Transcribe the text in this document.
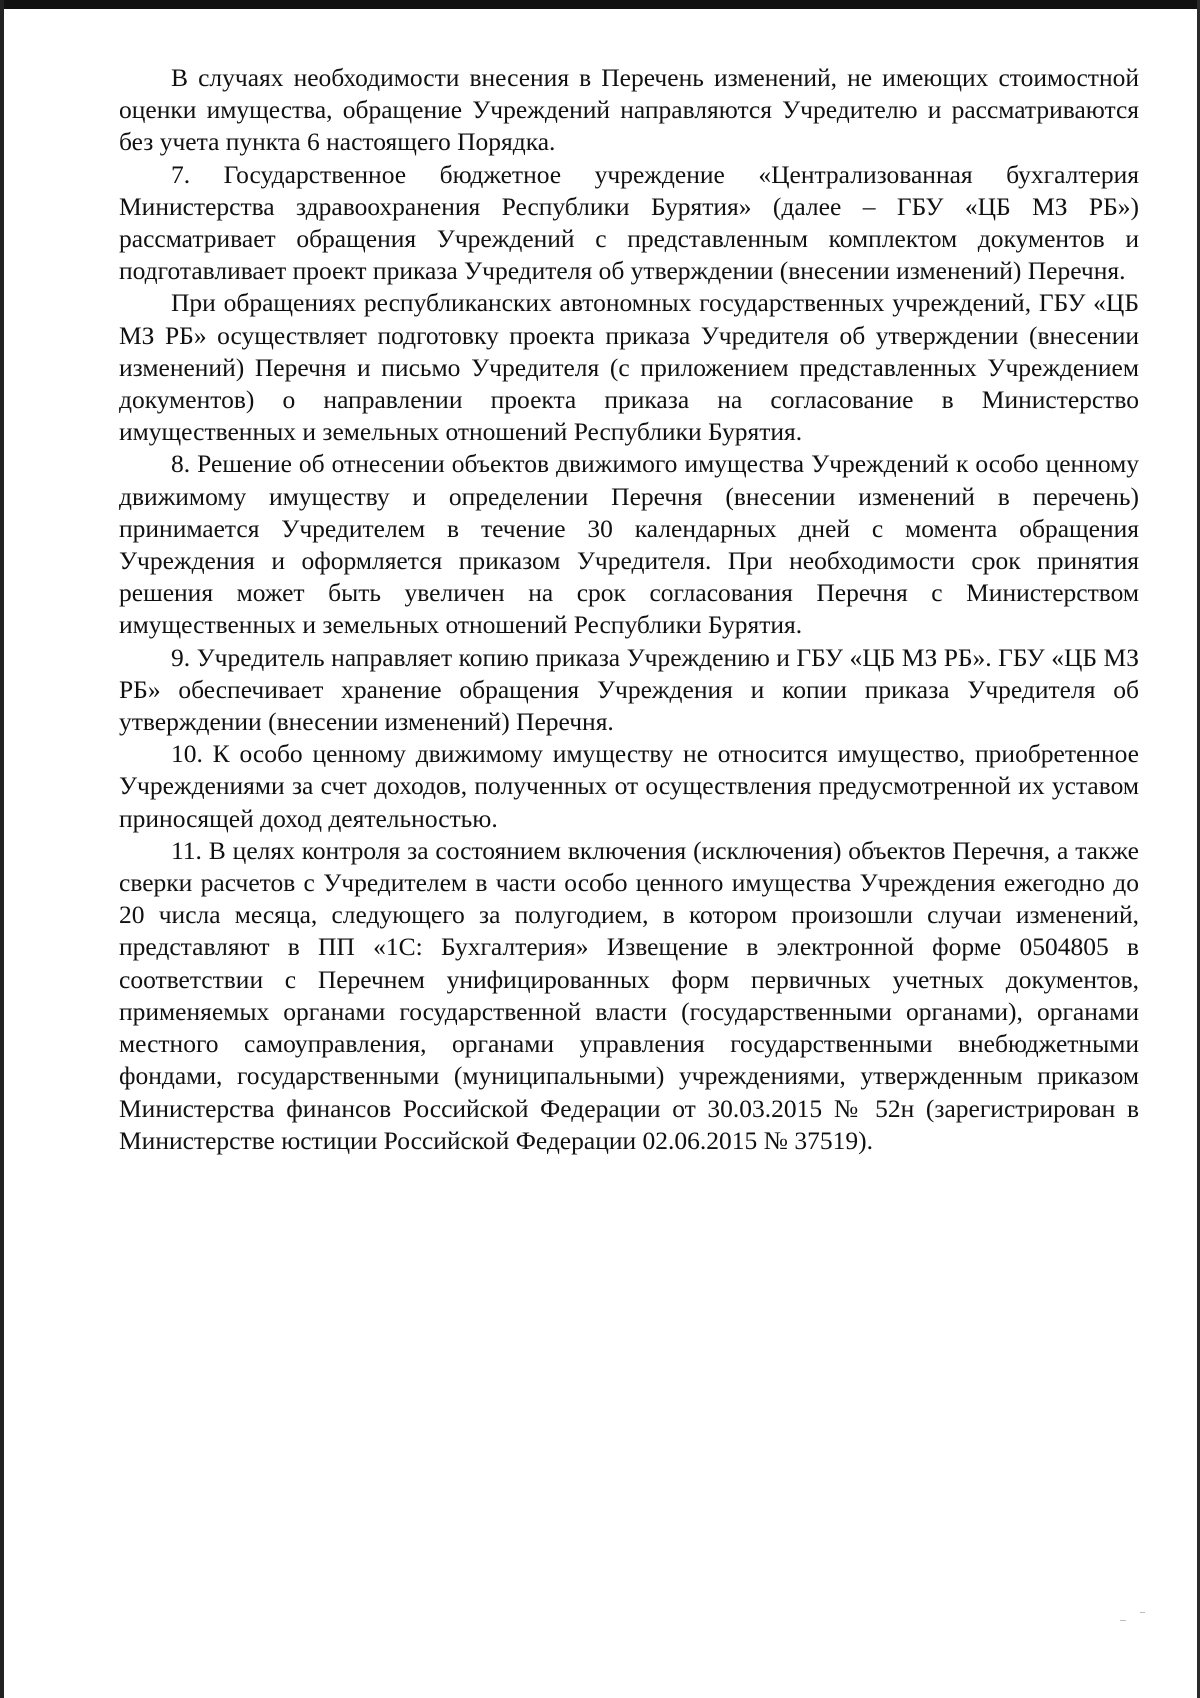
В случаях необходимости внесения в Перечень изменений, не имеющих стоимостной оценки имущества, обращение Учреждений направляются Учредителю и рассматриваются без учета пункта 6 настоящего Порядка.

7. Государственное бюджетное учреждение «Централизованная бухгалтерия Министерства здравоохранения Республики Бурятия» (далее – ГБУ «ЦБ МЗ РБ») рассматривает обращения Учреждений с представленным комплектом документов и подготавливает проект приказа Учредителя об утверждении (внесении изменений) Перечня.

При обращениях республиканских автономных государственных учреждений, ГБУ «ЦБ МЗ РБ» осуществляет подготовку проекта приказа Учредителя об утверждении (внесении изменений) Перечня и письмо Учредителя (с приложением представленных Учреждением документов) о направлении проекта приказа на согласование в Министерство имущественных и земельных отношений Республики Бурятия.

8. Решение об отнесении объектов движимого имущества Учреждений к особо ценному движимому имуществу и определении Перечня (внесении изменений в перечень) принимается Учредителем в течение 30 календарных дней с момента обращения Учреждения и оформляется приказом Учредителя. При необходимости срок принятия решения может быть увеличен на срок согласования Перечня с Министерством имущественных и земельных отношений Республики Бурятия.

9. Учредитель направляет копию приказа Учреждению и ГБУ «ЦБ МЗ РБ». ГБУ «ЦБ МЗ РБ» обеспечивает хранение обращения Учреждения и копии приказа Учредителя об утверждении (внесении изменений) Перечня.

10. К особо ценному движимому имуществу не относится имущество, приобретенное Учреждениями за счет доходов, полученных от осуществления предусмотренной их уставом приносящей доход деятельностью.

11. В целях контроля за состоянием включения (исключения) объектов Перечня, а также сверки расчетов с Учредителем в части особо ценного имущества Учреждения ежегодно до 20 числа месяца, следующего за полугодием, в котором произошли случаи изменений, представляют в ПП «1С: Бухгалтерия» Извещение в электронной форме 0504805 в соответствии с Перечнем унифицированных форм первичных учетных документов, применяемых органами государственной власти (государственными органами), органами местного самоуправления, органами управления государственными внебюджетными фондами, государственными (муниципальными) учреждениями, утвержденным приказом Министерства финансов Российской Федерации от 30.03.2015 № 52н (зарегистрирован в Министерстве юстиции Российской Федерации 02.06.2015 № 37519).
